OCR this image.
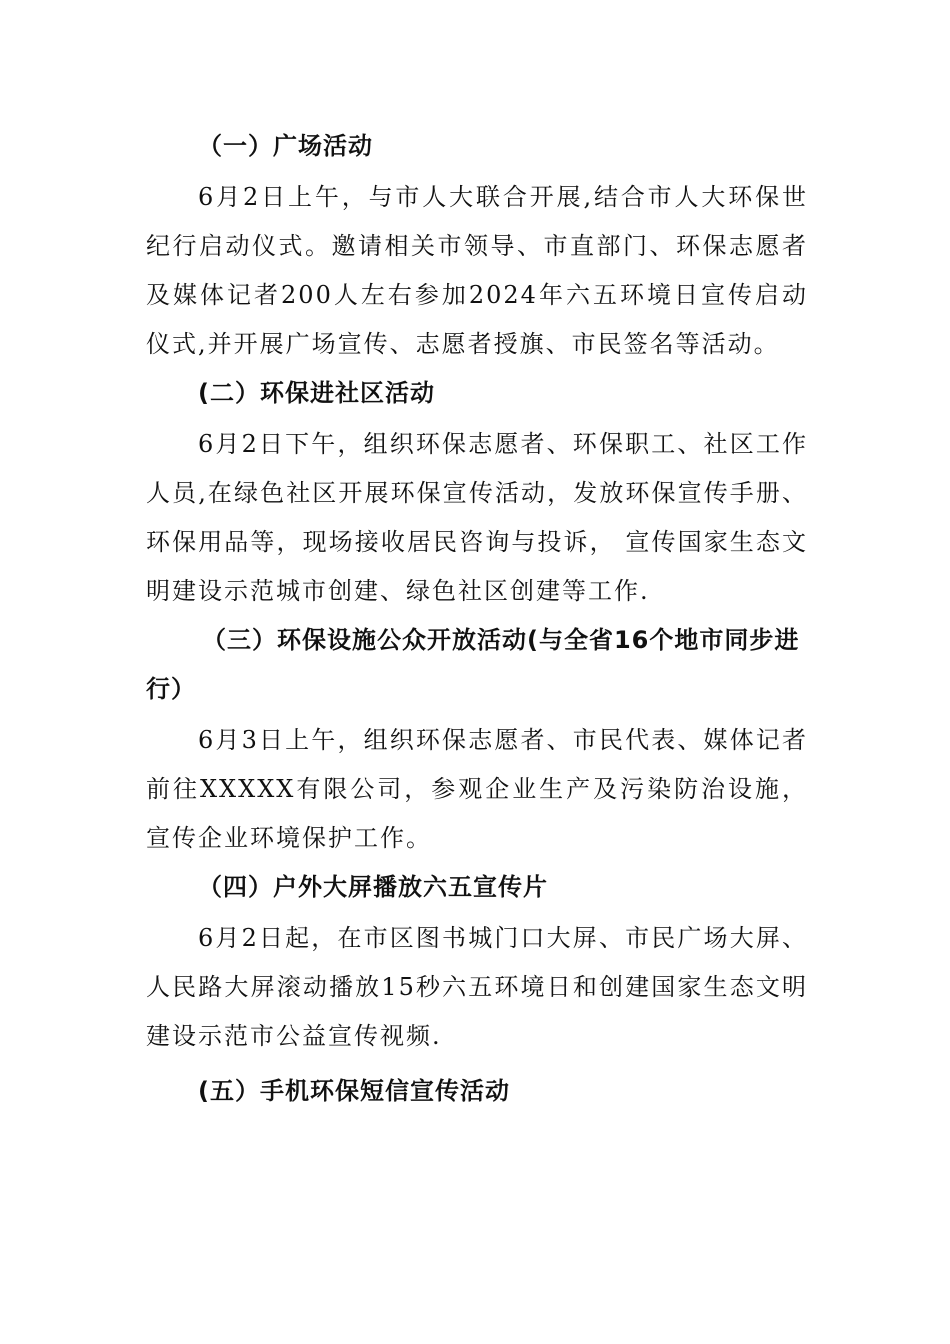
（一）广场活动

6月2日上午，与市人大联合开展,结合市人大环保世纪行启动仪式。邀请相关市领导、市直部门、环保志愿者及媒体记者200人左右参加2024年六五环境日宣传启动仪式,并开展广场宣传、志愿者授旗、市民签名等活动。

(二）环保进社区活动

6月2日下午，组织环保志愿者、环保职工、社区工作人员,在绿色社区开展环保宣传活动，发放环保宣传手册、环保用品等，现场接收居民咨询与投诉， 宣传国家生态文明建设示范城市创建、绿色社区创建等工作.

（三）环保设施公众开放活动(与全省16个地市同步进行）

6月3日上午，组织环保志愿者、市民代表、媒体记者前往XXXXX有限公司，参观企业生产及污染防治设施，宣传企业环境保护工作。

（四）户外大屏播放六五宣传片

6月2日起，在市区图书城门口大屏、市民广场大屏、人民路大屏滚动播放15秒六五环境日和创建国家生态文明建设示范市公益宣传视频.

(五）手机环保短信宣传活动
